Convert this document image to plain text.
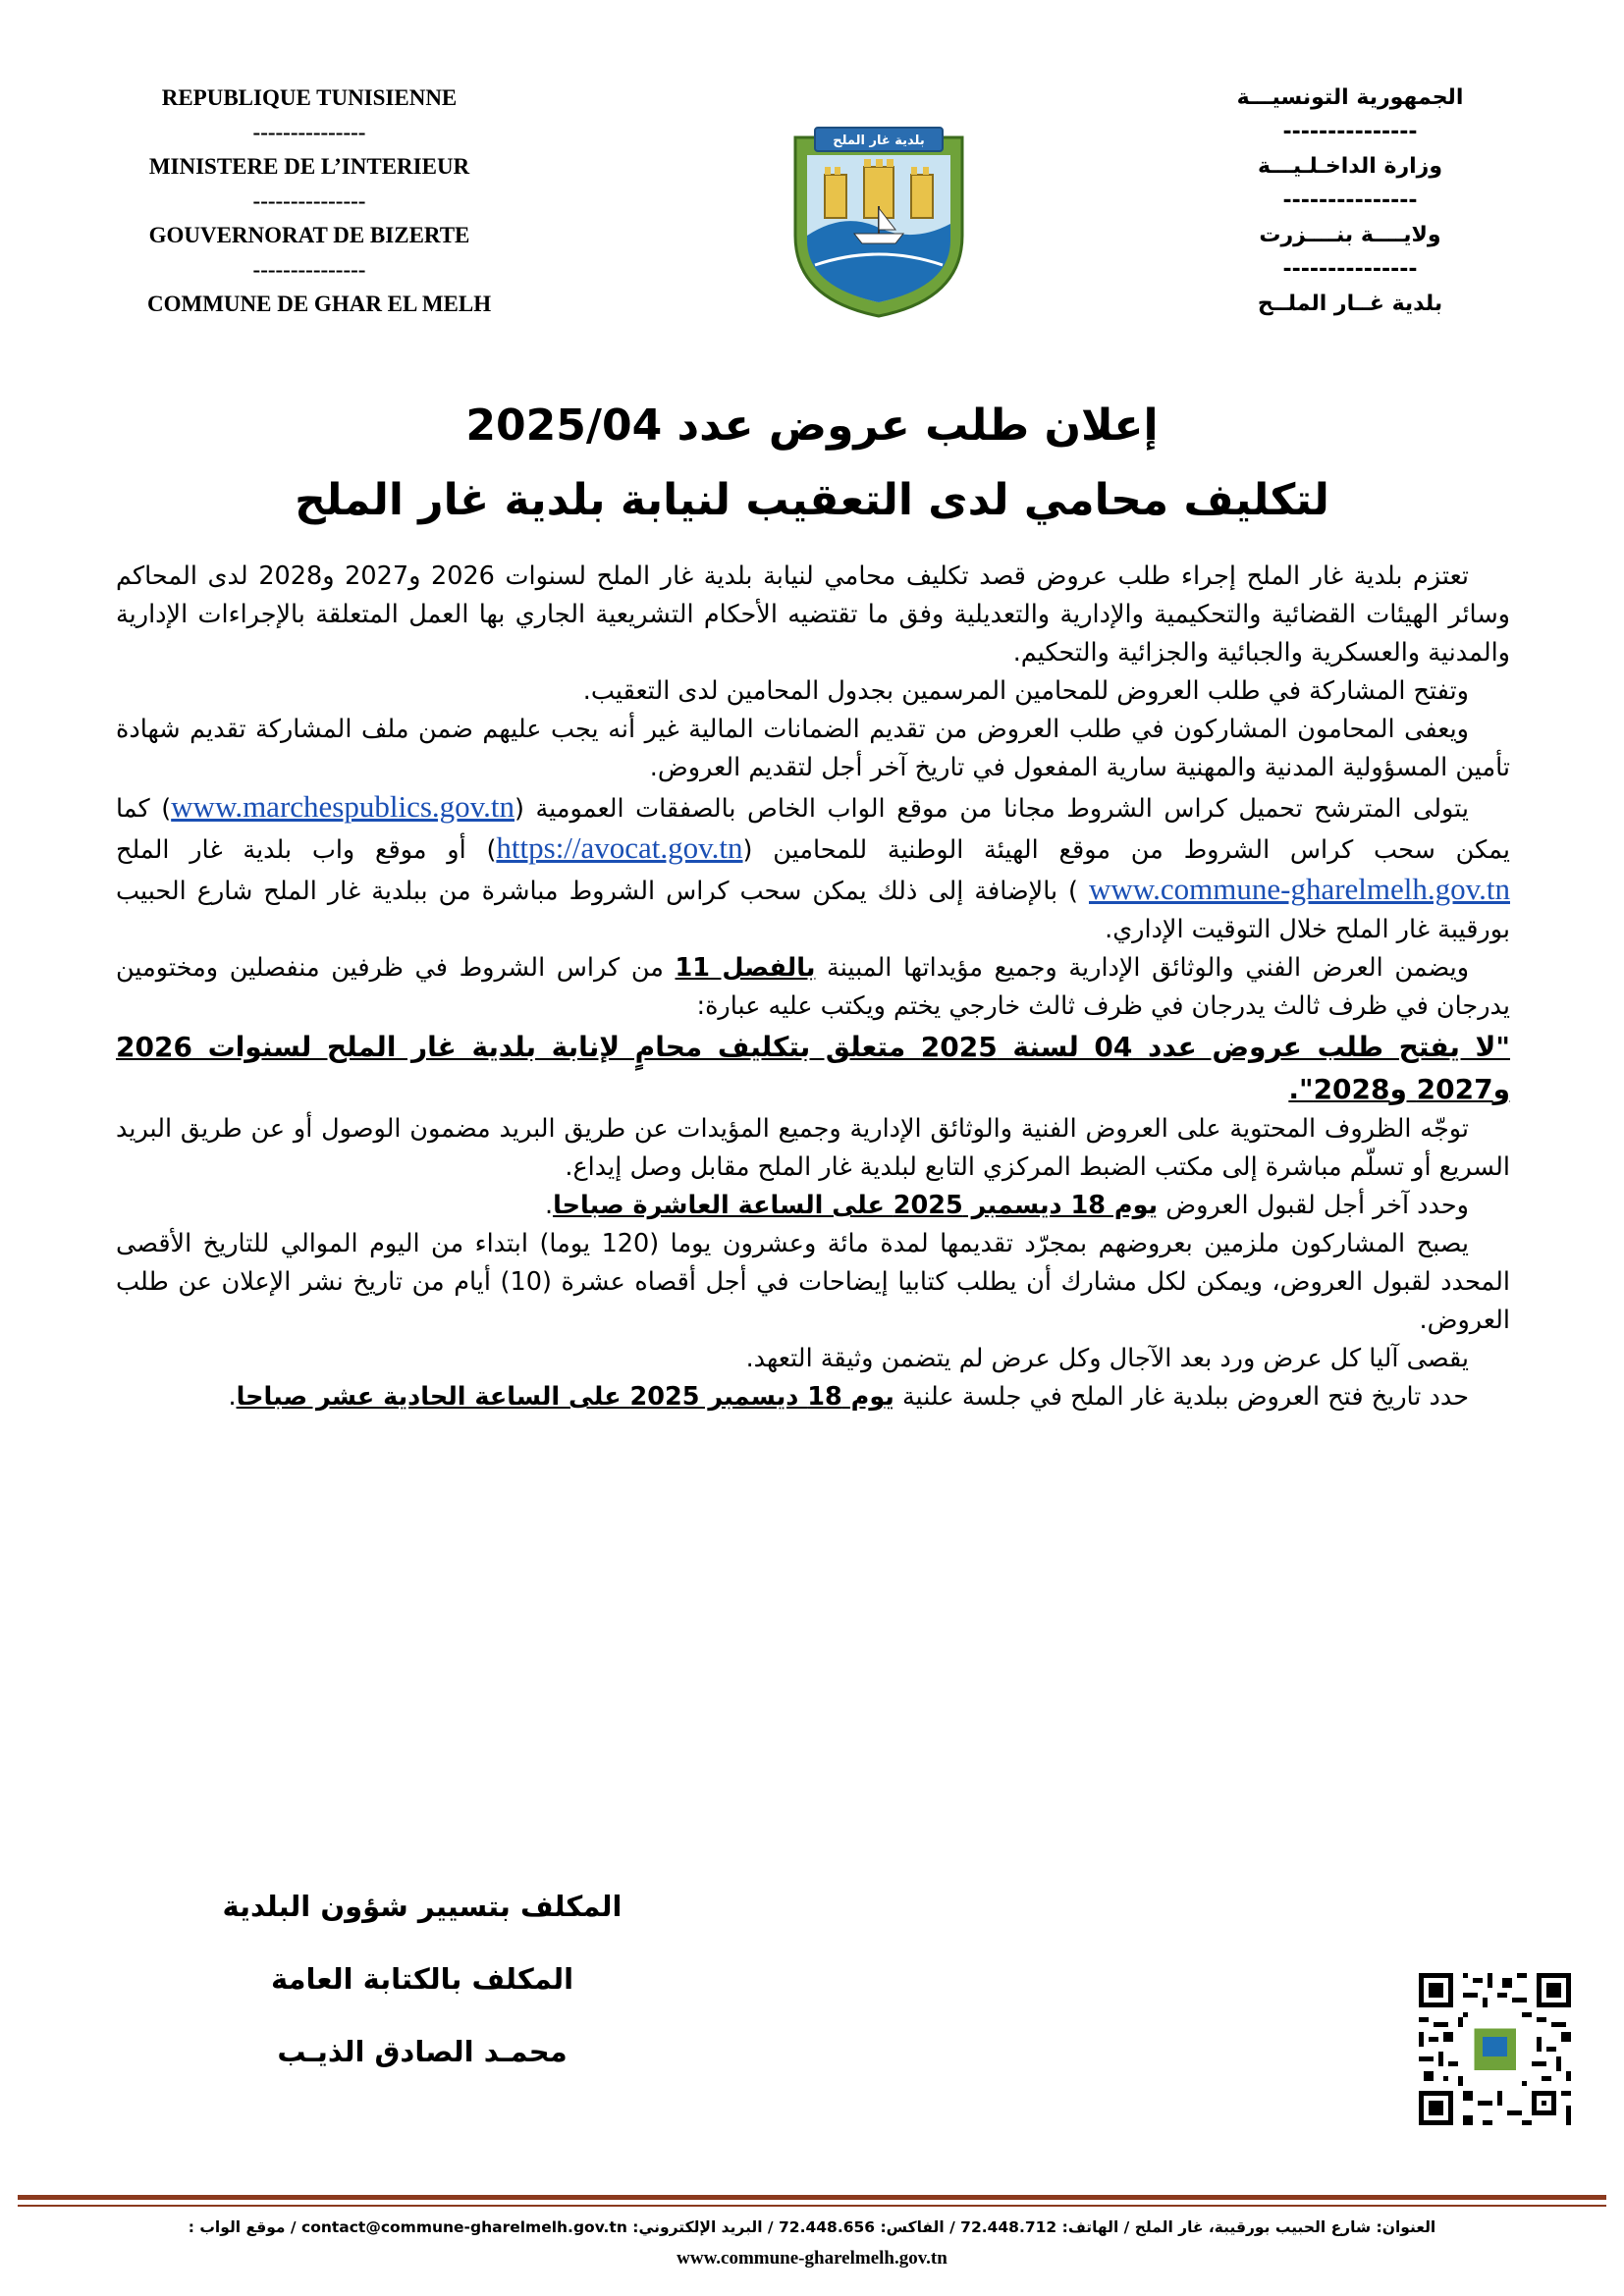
REPUBLIQUE TUNISIENNE
---------------
MINISTERE DE L’INTERIEUR
---------------
GOUVERNORAT DE BIZERTE
---------------
COMMUNE DE GHAR EL MELH
الجمهورية التونسيـــة
---------------
وزارة الداخـلـيـــة
---------------
ولايــــة بنــــزرت
---------------
بلدية غــار الملــح
بلدية غار الملح
إعلان طلب عروض عدد 2025/04
لتكليف محامي لدى التعقيب لنيابة بلدية غار الملح

تعتزم بلدية غار الملح إجراء طلب عروض قصد تكليف محامي لنيابة بلدية غار الملح لسنوات 2026 و2027 و2028 لدى المحاكم وسائر الهيئات القضائية والتحكيمية والإدارية والتعديلية وفق ما تقتضيه الأحكام التشريعية الجاري بها العمل المتعلقة بالإجراءات الإدارية والمدنية والعسكرية والجبائية والجزائية والتحكيم.

وتفتح المشاركة في طلب العروض للمحامين المرسمين بجدول المحامين لدى التعقيب.

ويعفى المحامون المشاركون في طلب العروض من تقديم الضمانات المالية غير أنه يجب عليهم ضمن ملف المشاركة تقديم شهادة تأمين المسؤولية المدنية والمهنية سارية المفعول في تاريخ آخر أجل لتقديم العروض.

يتولى المترشح تحميل كراس الشروط مجانا من موقع الواب الخاص بالصفقات العمومية (www.marchespublics.gov.tn) كما يمكن سحب كراس الشروط من موقع الهيئة الوطنية للمحامين (https://avocat.gov.tn) أو موقع واب بلدية غار الملح www.commune-gharelmelh.gov.tn ) بالإضافة إلى ذلك يمكن سحب كراس الشروط مباشرة من ببلدية غار الملح شارع الحبيب بورقيبة غار الملح خلال التوقيت الإداري.

ويضمن العرض الفني والوثائق الإدارية وجميع مؤيداتها المبينة بالفصل 11 من كراس الشروط في ظرفين منفصلين ومختومين يدرجان في ظرف ثالث يدرجان في ظرف ثالث خارجي يختم ويكتب عليه عبارة:

"لا يفتح طلب عروض عدد 04 لسنة 2025 متعلق بتكليف محامٍ لإنابة بلدية غار الملح لسنوات 2026 و2027 و2028".

توجّه الظروف المحتوية على العروض الفنية والوثائق الإدارية وجميع المؤيدات عن طريق البريد مضمون الوصول أو عن طريق البريد السريع أو تسلّم مباشرة إلى مكتب الضبط المركزي التابع لبلدية غار الملح مقابل وصل إيداع.

وحدد آخر أجل لقبول العروض يوم 18 ديسمبر 2025 على الساعة العاشرة صباحا.

يصبح المشاركون ملزمين بعروضهم بمجرّد تقديمها لمدة مائة وعشرون يوما (120 يوما) ابتداء من اليوم الموالي للتاريخ الأقصى المحدد لقبول العروض، ويمكن لكل مشارك أن يطلب كتابيا إيضاحات في أجل أقصاه عشرة (10) أيام من تاريخ نشر الإعلان عن طلب العروض.

يقصى آليا كل عرض ورد بعد الآجال وكل عرض لم يتضمن وثيقة التعهد.

حدد تاريخ فتح العروض ببلدية غار الملح في جلسة علنية يوم 18 ديسمبر 2025 على الساعة الحادية عشر صباحا.

المكلف بتسيير شؤون البلدية
المكلف بالكتابة العامة
محمـد الصادق الذيـب
العنوان: شارع الحبيب بورقيبة، غار الملح / الهاتف: 72.448.712 / الفاكس: 72.448.656 / البريد الإلكتروني: contact@commune-gharelmelh.gov.tn / موقع الواب :
www.commune-gharelmelh.gov.tn
